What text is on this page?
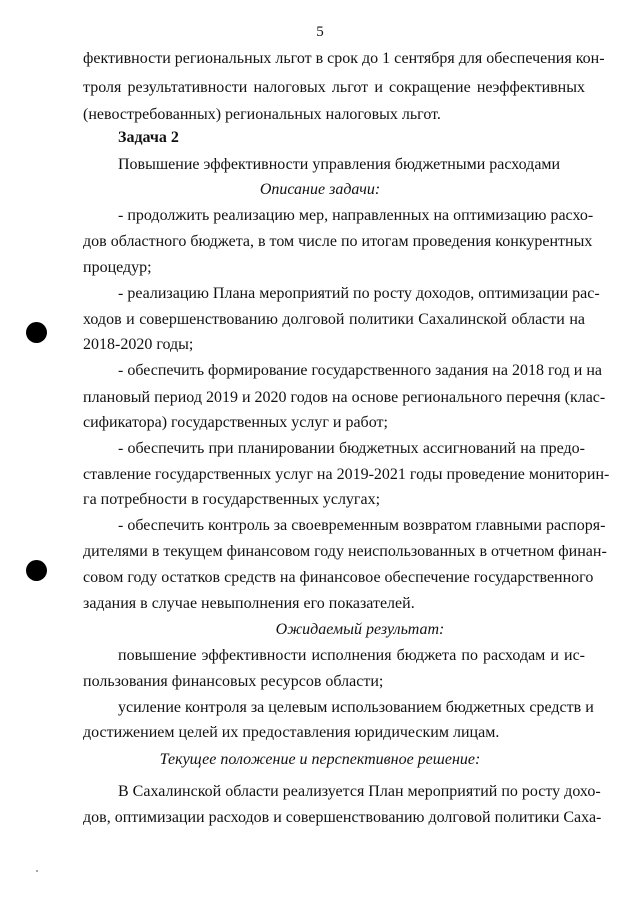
5
фективности региональных льгот в срок до 1 сентября для обеспечения кон-
троля результативности налоговых льгот и сокращение неэффективных
(невостребованных) региональных налоговых льгот.
Задача 2
Повышение эффективности управления бюджетными расходами
Описание задачи:
- продолжить реализацию мер, направленных на оптимизацию расхо-
дов областного бюджета, в том числе по итогам проведения конкурентных
процедур;
- реализацию Плана мероприятий по росту доходов, оптимизации рас-
ходов и совершенствованию долговой политики Сахалинской области на
2018-2020 годы;
- обеспечить формирование государственного задания на 2018 год и на
плановый период 2019 и 2020 годов на основе регионального перечня (клас-
сификатора) государственных услуг и работ;
- обеспечить при планировании бюджетных ассигнований на предо-
ставление государственных услуг на 2019-2021 годы проведение мониторин-
га потребности в государственных услугах;
- обеспечить контроль за своевременным возвратом главными распоря-
дителями в текущем финансовом году неиспользованных в отчетном финан-
совом году остатков средств на финансовое обеспечение государственного
задания в случае невыполнения его показателей.
Ожидаемый результат:
повышение эффективности исполнения бюджета по расходам и ис-
пользования финансовых ресурсов области;
усиление контроля за целевым использованием бюджетных средств и
достижением целей их предоставления юридическим лицам.
Текущее положение и перспективное решение:
В Сахалинской области реализуется План мероприятий по росту дохо-
дов, оптимизации расходов и совершенствованию долговой политики Саха-
